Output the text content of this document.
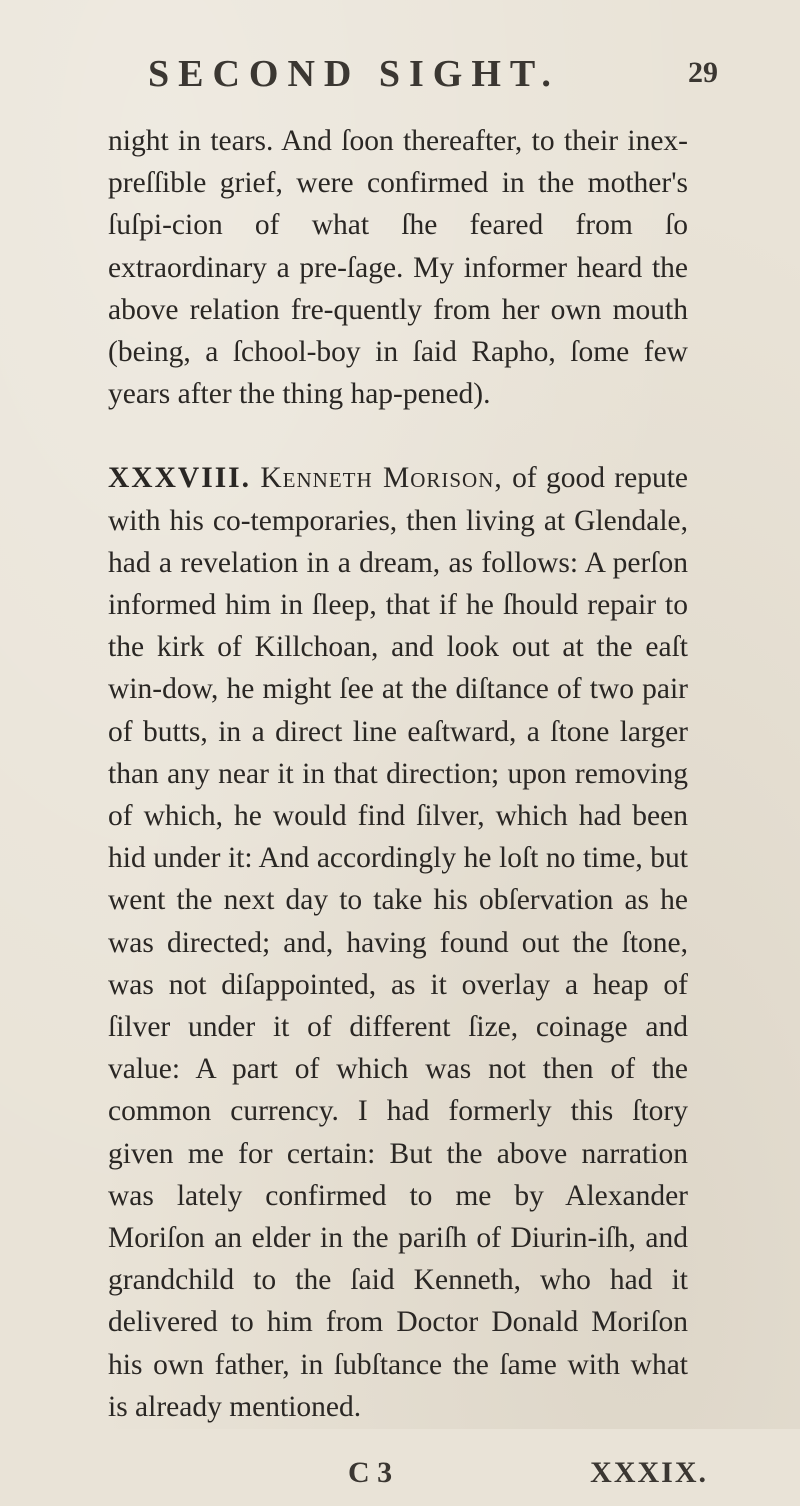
SECOND SIGHT.	29

night in tears. And ſoon thereafter, to their inex-preſſible grief, were confirmed in the mother's ſuſpi-cion of what ſhe feared from ſo extraordinary a pre-ſage. My informer heard the above relation fre-quently from her own mouth (being, a ſchool-boy in ſaid Rapho, ſome few years after the thing hap-pened).

XXXVIII. Kenneth Morison, of good repute with his co-temporaries, then living at Glendale, had a revelation in a dream, as follows: A perſon informed him in ſleep, that if he ſhould repair to the kirk of Killchoan, and look out at the eaſt win-dow, he might ſee at the diſtance of two pair of butts, in a direct line eaſtward, a ſtone larger than any near it in that direction; upon removing of which, he would find ſilver, which had been hid under it: And accordingly he loſt no time, but went the next day to take his obſervation as he was directed; and, having found out the ſtone, was not diſappointed, as it overlay a heap of ſilver under it of different ſize, coinage and value: A part of which was not then of the common currency. I had formerly this ſtory given me for certain: But the above narration was lately confirmed to me by Alexander Moriſon an elder in the pariſh of Diurin-iſh, and grandchild to the ſaid Kenneth, who had it delivered to him from Doctor Donald Moriſon his own father, in ſubſtance the ſame with what is already mentioned.

C 3	XXXIX.
